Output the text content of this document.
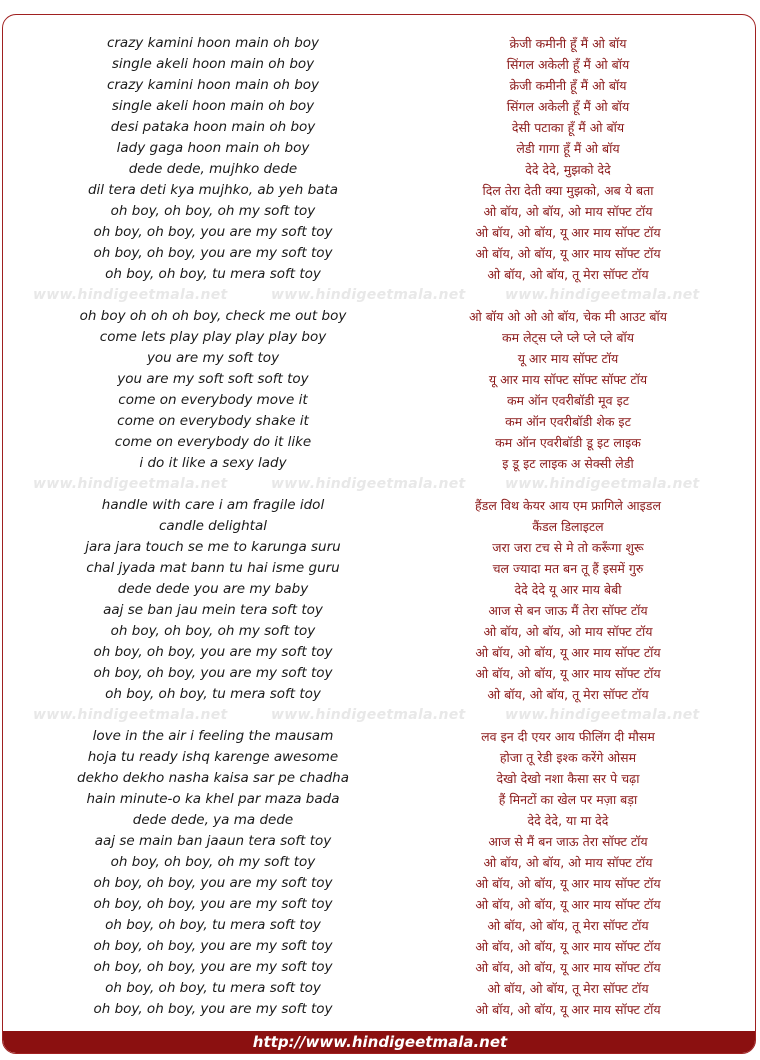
crazy kamini hoon main oh boy	क्रेजी कमीनी हूँ मैं ओ बॉय
single akeli hoon main oh boy	सिंगल अकेली हूँ मैं ओ बॉय
crazy kamini hoon main oh boy	क्रेजी कमीनी हूँ मैं ओ बॉय
single akeli hoon main oh boy	सिंगल अकेली हूँ मैं ओ बॉय
desi pataka hoon main oh boy	देसी पटाका हूँ मैं ओ बॉय
lady gaga hoon main oh boy	लेडी गागा हूँ मैं ओ बॉय
dede dede, mujhko dede	देदे देदे, मुझको देदे
dil tera deti kya mujhko, ab yeh bata	दिल तेरा देती क्या मुझको, अब ये बता
oh boy, oh boy, oh my soft toy	ओ बॉय, ओ बॉय, ओ माय सॉफ्ट टॉय
oh boy, oh boy, you are my soft toy	ओ बॉय, ओ बॉय, यू आर माय सॉफ्ट टॉय
oh boy, oh boy, you are my soft toy	ओ बॉय, ओ बॉय, यू आर माय सॉफ्ट टॉय
oh boy, oh boy, tu mera soft toy	ओ बॉय, ओ बॉय, तू मेरा सॉफ्ट टॉय
www.hindigeetmala.net	www.hindigeetmala.net	www.hindigeetmala.net
oh boy oh oh oh boy, check me out boy	ओ बॉय ओ ओ ओ बॉय, चेक मी आउट बॉय
come lets play play play play boy	कम लेट्स प्ले प्ले प्ले प्ले बॉय
you are my soft toy	यू आर माय सॉफ्ट टॉय
you are my soft soft soft toy	यू आर माय सॉफ्ट सॉफ्ट सॉफ्ट टॉय
come on everybody move it	कम ऑन एवरीबॉडी मूव इट
come on everybody shake it	कम ऑन एवरीबॉडी शेक इट
come on everybody do it like	कम ऑन एवरीबॉडी डू इट लाइक
i do it like a sexy lady	इ डू इट लाइक अ सेक्सी लेडी
www.hindigeetmala.net	www.hindigeetmala.net	www.hindigeetmala.net
handle with care i am fragile idol	हैंडल विथ केयर आय एम फ्रागिले आइडल
candle delightal	कैंडल डिलाइटल
jara jara touch se me to karunga suru	जरा जरा टच से मे तो करूँगा शुरू
chal jyada mat bann tu hai isme guru	चल ज्यादा मत बन तू हैं इसमें गुरु
dede dede you are my baby	देदे देदे यू आर माय बेबी
aaj se ban jau mein tera soft toy	आज से बन जाऊ मैं तेरा सॉफ्ट टॉय
oh boy, oh boy, oh my soft toy	ओ बॉय, ओ बॉय, ओ माय सॉफ्ट टॉय
oh boy, oh boy, you are my soft toy	ओ बॉय, ओ बॉय, यू आर माय सॉफ्ट टॉय
oh boy, oh boy, you are my soft toy	ओ बॉय, ओ बॉय, यू आर माय सॉफ्ट टॉय
oh boy, oh boy, tu mera soft toy	ओ बॉय, ओ बॉय, तू मेरा सॉफ्ट टॉय
www.hindigeetmala.net	www.hindigeetmala.net	www.hindigeetmala.net
love in the air i feeling the mausam	लव इन दी एयर आय फीलिंग दी मौसम
hoja tu ready ishq karenge awesome	होजा तू रेडी इश्क करेंगे ओसम
dekho dekho nasha kaisa sar pe chadha	देखो देखो नशा कैसा सर पे चढ़ा
hain minute-o ka khel par maza bada	हैं मिनटों का खेल पर मज़ा बड़ा
dede dede, ya ma dede	देदे देदे, या मा देदे
aaj se main ban jaaun tera soft toy	आज से मैं बन जाऊ तेरा सॉफ्ट टॉय
oh boy, oh boy, oh my soft toy	ओ बॉय, ओ बॉय, ओ माय सॉफ्ट टॉय
oh boy, oh boy, you are my soft toy	ओ बॉय, ओ बॉय, यू आर माय सॉफ्ट टॉय
oh boy, oh boy, you are my soft toy	ओ बॉय, ओ बॉय, यू आर माय सॉफ्ट टॉय
oh boy, oh boy, tu mera soft toy	ओ बॉय, ओ बॉय, तू मेरा सॉफ्ट टॉय
oh boy, oh boy, you are my soft toy	ओ बॉय, ओ बॉय, यू आर माय सॉफ्ट टॉय
oh boy, oh boy, you are my soft toy	ओ बॉय, ओ बॉय, यू आर माय सॉफ्ट टॉय
oh boy, oh boy, tu mera soft toy	ओ बॉय, ओ बॉय, तू मेरा सॉफ्ट टॉय
oh boy, oh boy, you are my soft toy	ओ बॉय, ओ बॉय, यू आर माय सॉफ्ट टॉय
http://www.hindigeetmala.net
